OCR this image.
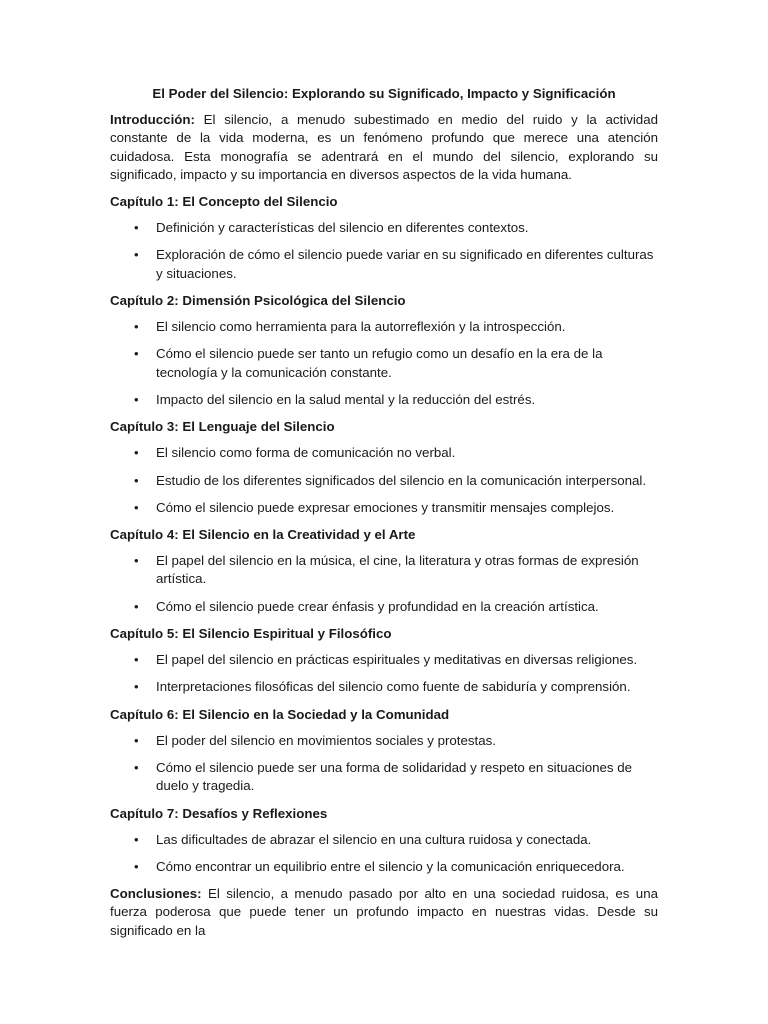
El Poder del Silencio: Explorando su Significado, Impacto y Significación

Introducción: El silencio, a menudo subestimado en medio del ruido y la actividad constante de la vida moderna, es un fenómeno profundo que merece una atención cuidadosa. Esta monografía se adentrará en el mundo del silencio, explorando su significado, impacto y su importancia en diversos aspectos de la vida humana.

Capítulo 1: El Concepto del Silencio
• Definición y características del silencio en diferentes contextos.
• Exploración de cómo el silencio puede variar en su significado en diferentes culturas y situaciones.
Capítulo 2: Dimensión Psicológica del Silencio
• El silencio como herramienta para la autorreflexión y la introspección.
• Cómo el silencio puede ser tanto un refugio como un desafío en la era de la tecnología y la comunicación constante.
• Impacto del silencio en la salud mental y la reducción del estrés.
Capítulo 3: El Lenguaje del Silencio
• El silencio como forma de comunicación no verbal.
• Estudio de los diferentes significados del silencio en la comunicación interpersonal.
• Cómo el silencio puede expresar emociones y transmitir mensajes complejos.
Capítulo 4: El Silencio en la Creatividad y el Arte
• El papel del silencio en la música, el cine, la literatura y otras formas de expresión artística.
• Cómo el silencio puede crear énfasis y profundidad en la creación artística.
Capítulo 5: El Silencio Espiritual y Filosófico
• El papel del silencio en prácticas espirituales y meditativas en diversas religiones.
• Interpretaciones filosóficas del silencio como fuente de sabiduría y comprensión.
Capítulo 6: El Silencio en la Sociedad y la Comunidad
• El poder del silencio en movimientos sociales y protestas.
• Cómo el silencio puede ser una forma de solidaridad y respeto en situaciones de duelo y tragedia.
Capítulo 7: Desafíos y Reflexiones
• Las dificultades de abrazar el silencio en una cultura ruidosa y conectada.
• Cómo encontrar un equilibrio entre el silencio y la comunicación enriquecedora.

Conclusiones: El silencio, a menudo pasado por alto en una sociedad ruidosa, es una fuerza poderosa que puede tener un profundo impacto en nuestras vidas. Desde su significado en la
